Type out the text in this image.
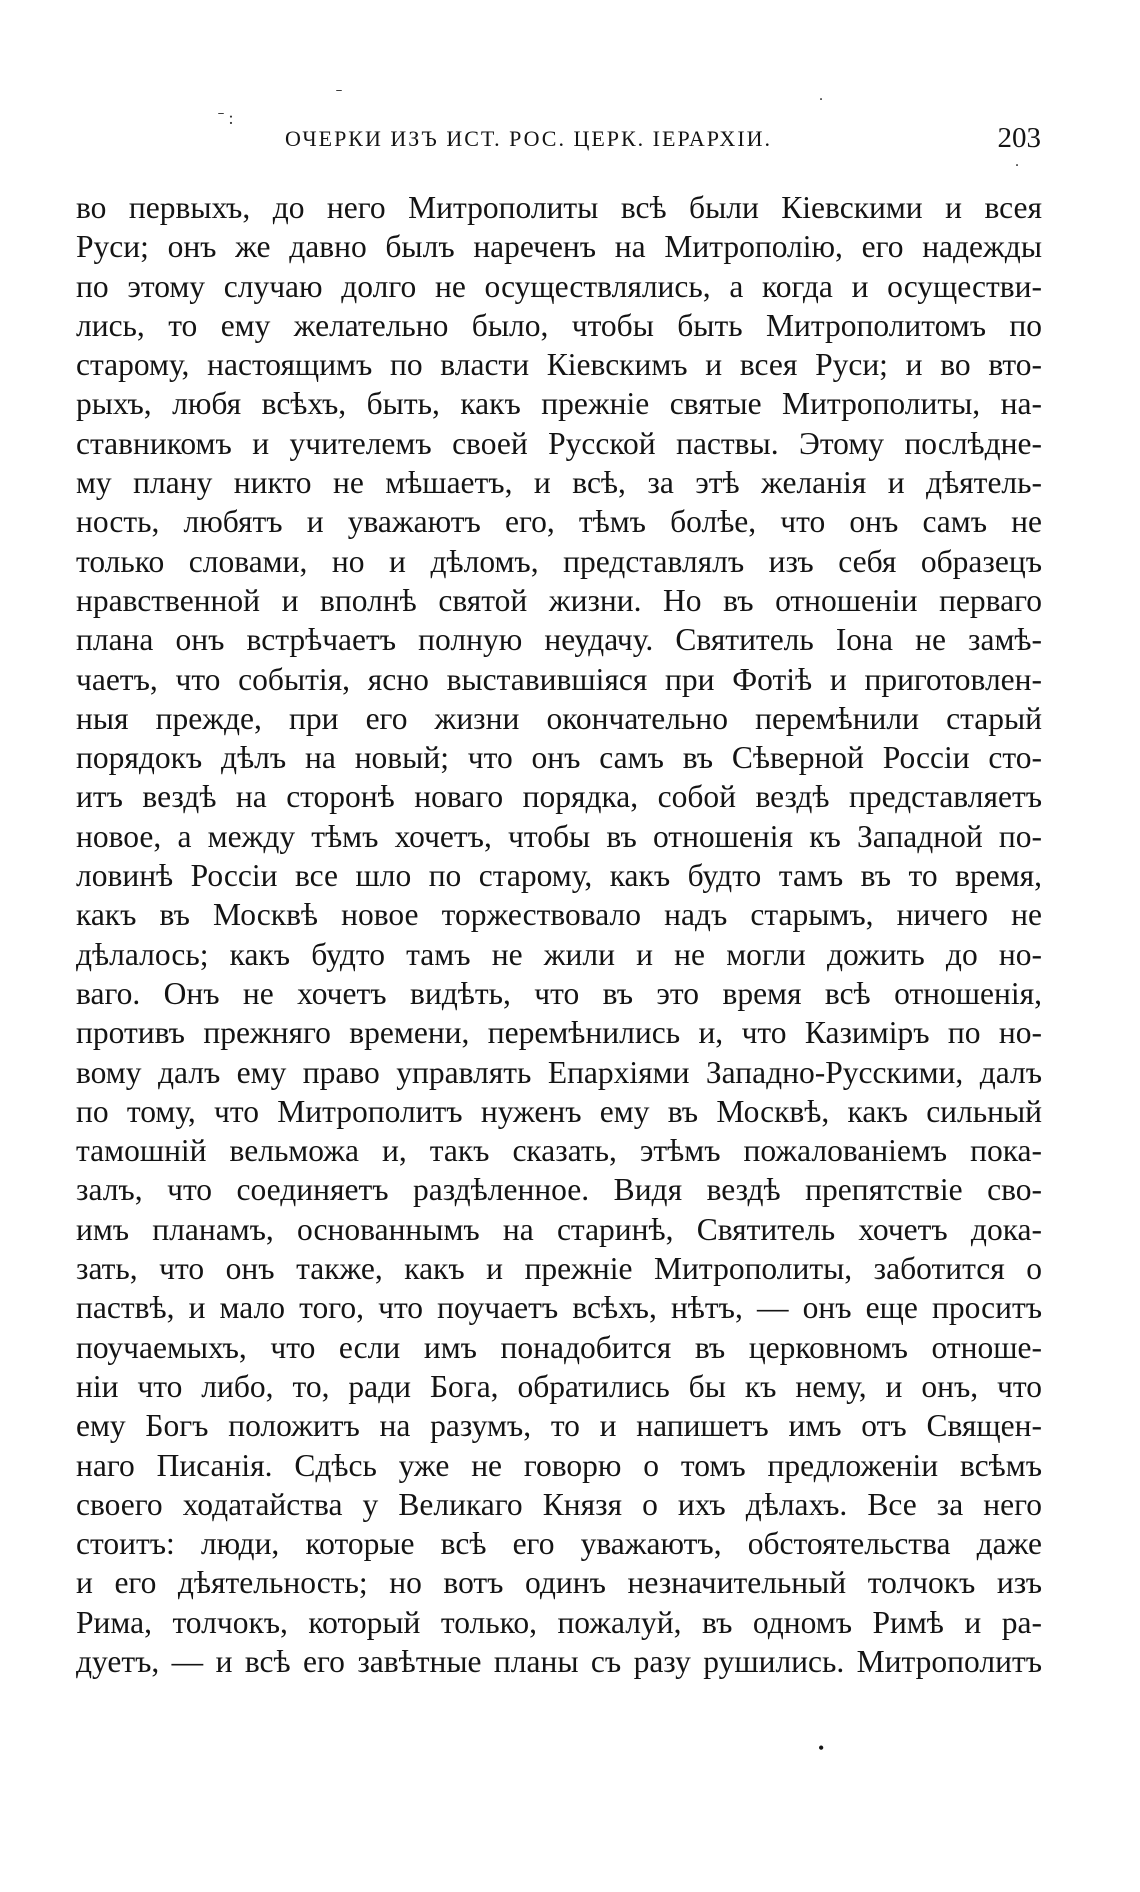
˗
ˉ :
˙
˙
ОЧЕРКИ ИЗЪ ИСТ. РОС. ЦЕРК. IЕРАРХIИ.	203
во первыхъ, до него Митрополиты всѣ были Кіевскими и всея
Руси; онъ же давно былъ нареченъ на Митрополію, его надежды
по этому случаю долго не осуществлялись, а когда и осуществи-
лись, то ему желательно было, чтобы быть Митрополитомъ по
старому, настоящимъ по власти Кіевскимъ и всея Руси; и во вто-
рыхъ, любя всѣхъ, быть, какъ прежніе святые Митрополиты, на-
ставникомъ и учителемъ своей Русской паствы. Этому послѣдне-
му плану никто не мѣшаетъ, и всѣ, за этѣ желанія и дѣятель-
ность, любятъ и уважаютъ его, тѣмъ болѣе, что онъ самъ не
только словами, но и дѣломъ, представлялъ изъ себя образецъ
нравственной и вполнѣ святой жизни. Но въ отношеніи перваго
плана онъ встрѣчаетъ полную неудачу. Святитель Іона не замѣ-
чаетъ, что событія, ясно выставившіяся при Фотіѣ и приготовлен-
ныя прежде, при его жизни окончательно перемѣнили старый
порядокъ дѣлъ на новый; что онъ самъ въ Сѣверной Россіи сто-
итъ вездѣ на сторонѣ новаго порядка, собой вездѣ представляетъ
новое, а между тѣмъ хочетъ, чтобы въ отношенія къ Западной по-
ловинѣ Россіи все шло по старому, какъ будто тамъ въ то время,
какъ въ Москвѣ новое торжествовало надъ старымъ, ничего не
дѣлалось; какъ будто тамъ не жили и не могли дожить до но-
ваго. Онъ не хочетъ видѣть, что въ это время всѣ отношенія,
противъ прежняго времени, перемѣнились и, что Казиміръ по но-
вому далъ ему право управлять Епархіями Западно-Русскими, далъ
по тому, что Митрополитъ нуженъ ему въ Москвѣ, какъ сильный
тамошній вельможа и, такъ сказать, этѣмъ пожалованіемъ пока-
залъ, что соединяетъ раздѣленное. Видя вездѣ препятствіе сво-
имъ планамъ, основаннымъ на старинѣ, Святитель хочетъ дока-
зать, что онъ также, какъ и прежніе Митрополиты, заботится о
паствѣ, и мало того, что поучаетъ всѣхъ, нѣтъ, — онъ еще проситъ
поучаемыхъ, что если имъ понадобится въ церковномъ отноше-
ніи что либо, то, ради Бога, обратились бы къ нему, и онъ, что
ему Богъ положитъ на разумъ, то и напишетъ имъ отъ Священ-
наго Писанія. Сдѣсь уже не говорю о томъ предложеніи всѣмъ
своего ходатайства у Великаго Князя о ихъ дѣлахъ. Все за него
стоитъ: люди, которые всѣ его уважаютъ, обстоятельства даже
и его дѣятельность; но вотъ одинъ незначительный толчокъ изъ
Рима, толчокъ, который только, пожалуй, въ одномъ Римѣ и ра-
дуетъ, — и всѣ его завѣтные планы съ разу рушились. Митрополитъ
•
